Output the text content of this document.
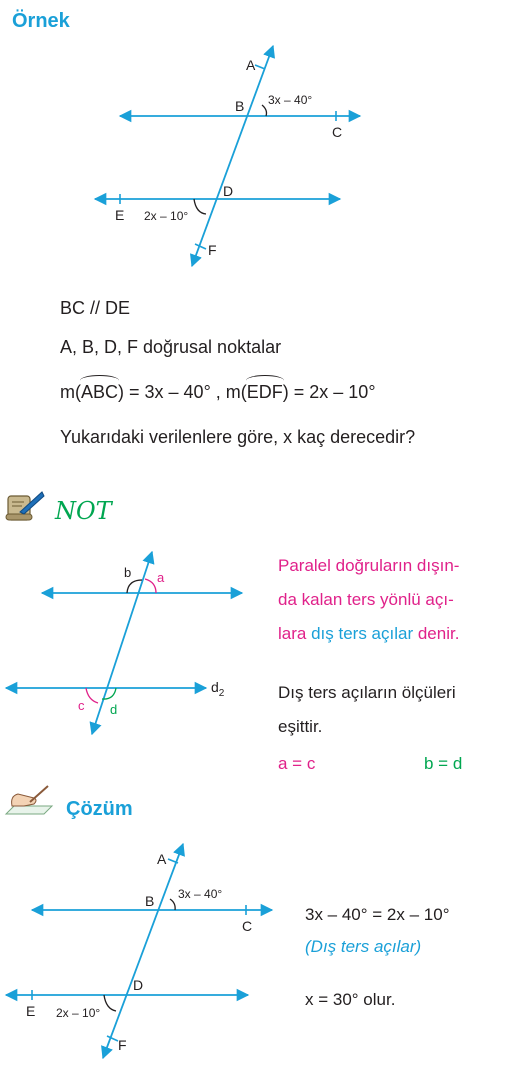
Örnek
A
B
C
D
E
F
3x – 40°
2x – 10°
BC // DE
A, B, D, F doğrusal noktalar
m(ABC) = 3x – 40° , m(EDF) = 2x – 10°
Yukarıdaki verilenlere göre, x kaç derecedir?
NOT
b a
c d
$d_2$
Paralel doğruların dışın-
da kalan ters yönlü açı-
lara dış ters açılar denir.
Dış ters açıların ölçüleri
eşittir.
a = c	b = d
Çözüm
A
B
C
D
E
F
3x – 40°
2x – 10°
3x – 40° = 2x – 10°
(Dış ters açılar)
x = 30° olur.
